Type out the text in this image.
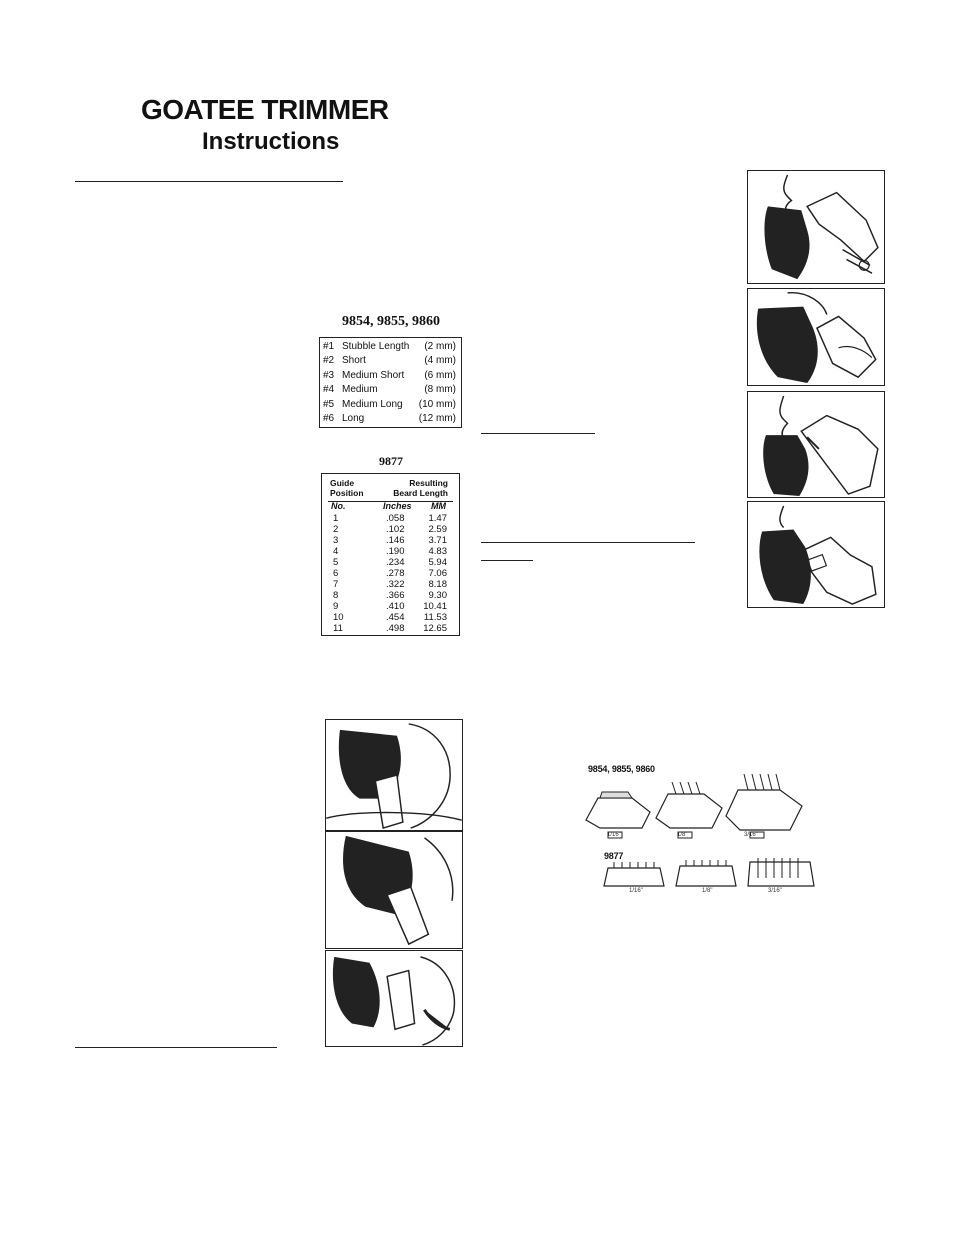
GOATEE TRIMMER
Instructions
9854, 9855, 9860
#1 Stubble Length (2 mm)
#2 Short	(4 mm)
#3 Medium Short (6 mm)
#4 Medium	(8 mm)
#5 Medium Long (10 mm)
#6 Long	(12 mm)
9877
Guide
Position
Resulting
Beard Length
No.	Inches MM
1	.058	1.47
2	.102	2.59
3	.146	3.71
4	.190	4.83
5	.234	5.94
6	.278	7.06
7	.322	8.18
8	.366	9.30
9	.410 10.41
10	.454 11.53
11	.498 12.65
9854, 9855, 9860
1/16"	1/8"	3/16"
9877
1/16"	1/8"	3/16"
